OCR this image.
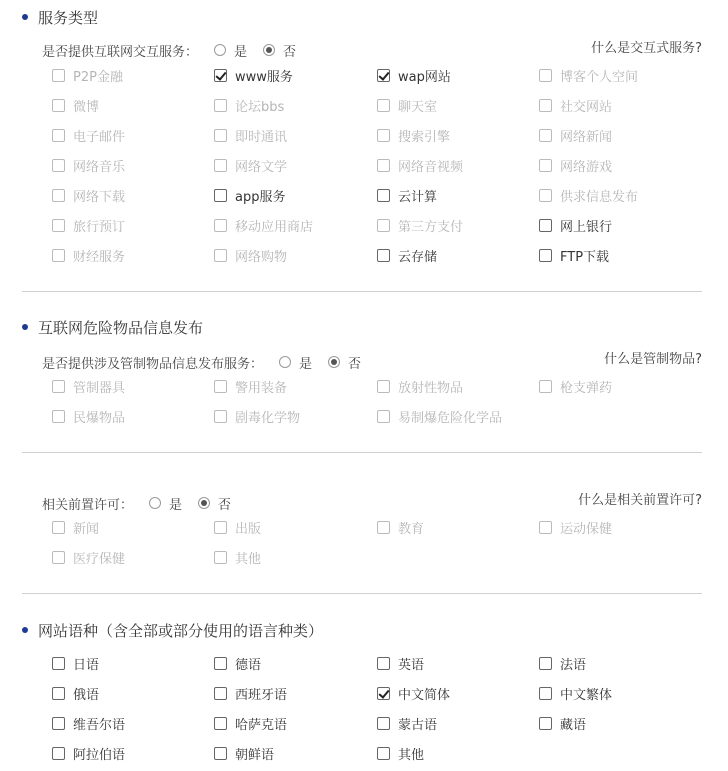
服务类型
是否提供互联网交互服务：	是	否	什么是交互式服务?
P2P金融	www服务	wap网站	博客个人空间
微博	论坛bbs	聊天室	社交网站
电子邮件	即时通讯	搜索引擎	网络新闻
网络音乐	网络文学	网络音视频	网络游戏
网络下载	app服务	云计算	供求信息发布
旅行预订	移动应用商店	第三方支付	网上银行
财经服务	网络购物	云存储	FTP下载
互联网危险物品信息发布
是否提供涉及管制物品信息发布服务：	是	否	什么是管制物品?
管制器具	警用装备	放射性物品	枪支弹药
民爆物品	剧毒化学物	易制爆危险化学品
相关前置许可：	是	否	什么是相关前置许可?
新闻	出版	教育	运动保健
医疗保健	其他
网站语种（含全部或部分使用的语言种类）
日语	德语	英语	法语
俄语	西班牙语	中文简体	中文繁体
维吾尔语	哈萨克语	蒙古语	藏语
阿拉伯语	朝鲜语	其他
